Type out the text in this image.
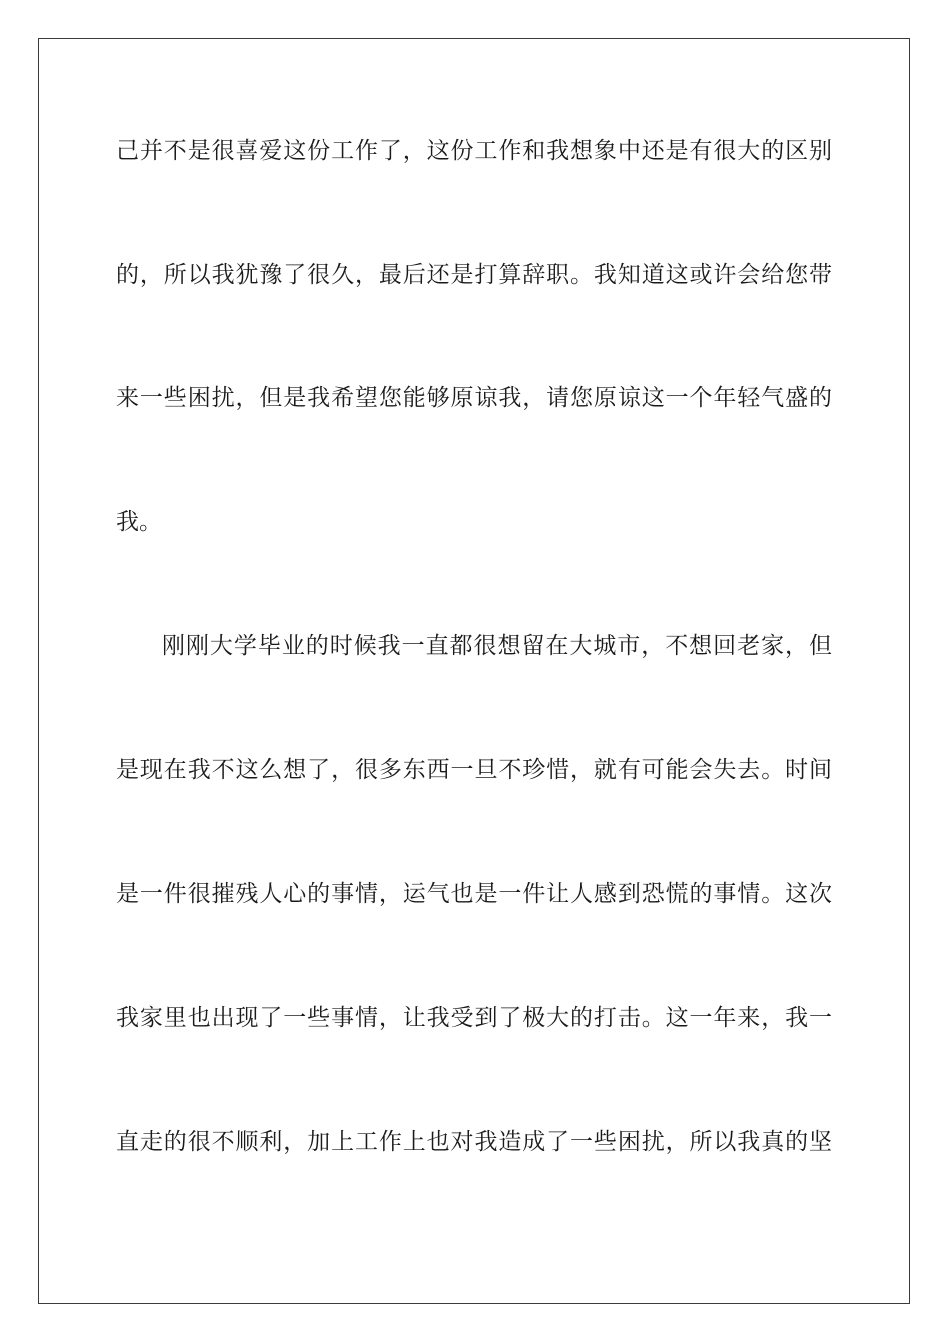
己并不是很喜爱这份工作了，这份工作和我想象中还是有很大的区别
的，所以我犹豫了很久，最后还是打算辞职。我知道这或许会给您带
来一些困扰，但是我希望您能够原谅我，请您原谅这一个年轻气盛的
我。
刚刚大学毕业的时候我一直都很想留在大城市，不想回老家，但
是现在我不这么想了，很多东西一旦不珍惜，就有可能会失去。时间
是一件很摧残人心的事情，运气也是一件让人感到恐慌的事情。这次
我家里也出现了一些事情，让我受到了极大的打击。这一年来，我一
直走的很不顺利，加上工作上也对我造成了一些困扰，所以我真的坚
